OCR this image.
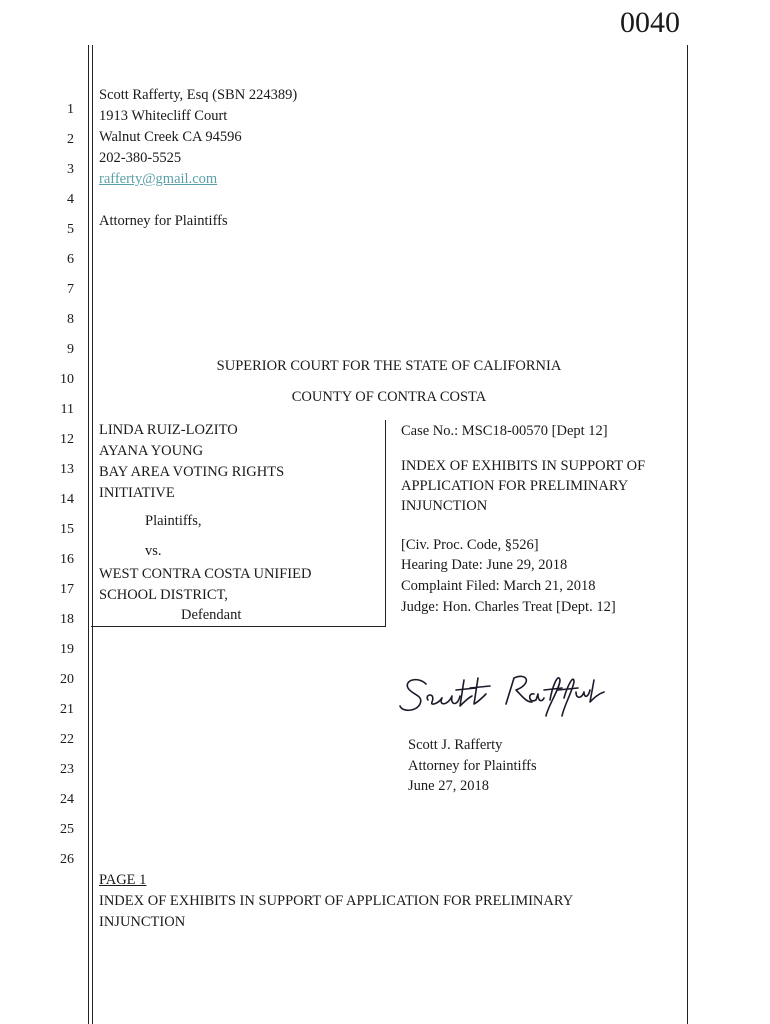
0040
1
2
3
4
5
6
7
8
9
10
11
12
13
14
15
16
17
18
19
20
21
22
23
24
25
26
Scott Rafferty, Esq (SBN 224389)
1913 Whitecliff Court
Walnut Creek CA 94596
202-380-5525
rafferty@gmail.com
Attorney for Plaintiffs
SUPERIOR COURT FOR THE STATE OF CALIFORNIA
COUNTY OF CONTRA COSTA
LINDA RUIZ-LOZITO
AYANA YOUNG
BAY AREA VOTING RIGHTS
INITIATIVE
Plaintiffs,
vs.
WEST CONTRA COSTA UNIFIED
SCHOOL DISTRICT,
Defendant
Case No.: MSC18-00570 [Dept 12]
INDEX OF EXHIBITS IN SUPPORT OF
APPLICATION FOR PRELIMINARY
INJUNCTION
[Civ. Proc. Code, §526]
Hearing Date: June 29, 2018
Complaint Filed: March 21, 2018
Judge: Hon. Charles Treat [Dept. 12]
Scott J. Rafferty
Attorney for Plaintiffs
June 27, 2018
PAGE 1
INDEX OF EXHIBITS IN SUPPORT OF APPLICATION FOR PRELIMINARY
INJUNCTION
